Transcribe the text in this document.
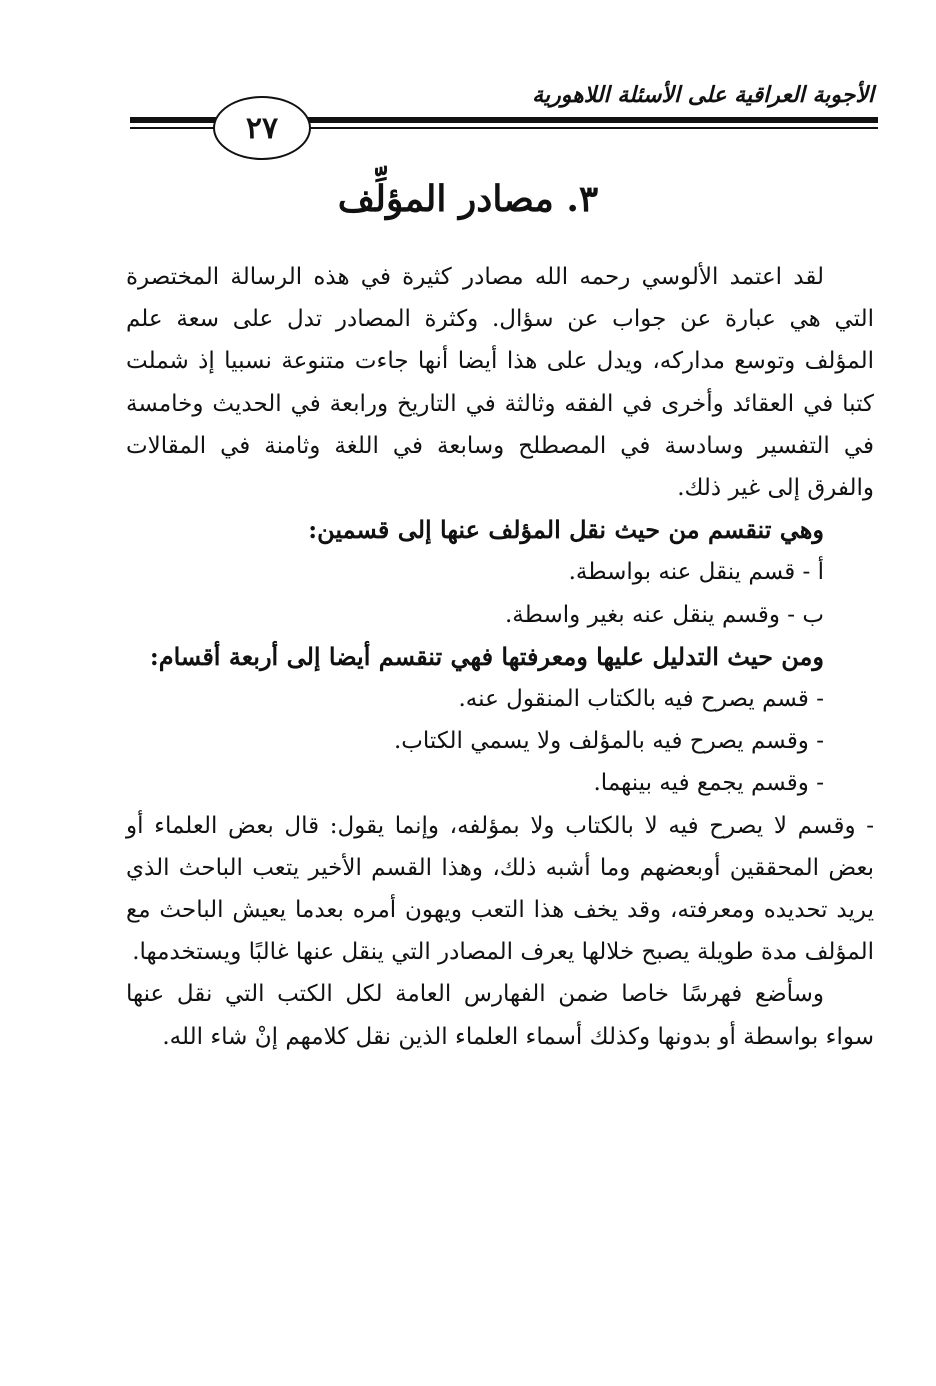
الأجوبة العراقية على الأسئلة اللاهورية
٢٧
٣. مصادر المؤلِّف

لقد اعتمد الألوسي رحمه الله مصادر كثيرة في هذه الرسالة المختصرة التي هي عبارة عن جواب عن سؤال. وكثرة المصادر تدل على سعة علم المؤلف وتوسع مداركه، ويدل على هذا أيضا أنها جاءت متنوعة نسبيا إذ شملت كتبا في العقائد وأخرى في الفقه وثالثة في التاريخ ورابعة في الحديث وخامسة في التفسير وسادسة في المصطلح وسابعة في اللغة وثامنة في المقالات والفرق إلى غير ذلك.

وهي تنقسم من حيث نقل المؤلف عنها إلى قسمين:

أ - قسم ينقل عنه بواسطة.

ب - وقسم ينقل عنه بغير واسطة.

ومن حيث التدليل عليها ومعرفتها فهي تنقسم أيضا إلى أربعة أقسام:

- قسم يصرح فيه بالكتاب المنقول عنه.

- وقسم يصرح فيه بالمؤلف ولا يسمي الكتاب.

- وقسم يجمع فيه بينهما.

- وقسم لا يصرح فيه لا بالكتاب ولا بمؤلفه، وإنما يقول: قال بعض العلماء أو بعض المحققين أوبعضهم وما أشبه ذلك، وهذا القسم الأخير يتعب الباحث الذي يريد تحديده ومعرفته، وقد يخف هذا التعب ويهون أمره بعدما يعيش الباحث مع المؤلف مدة طويلة يصبح خلالها يعرف المصادر التي ينقل عنها غالبًا ويستخدمها.

وسأضع فهرسًا خاصا ضمن الفهارس العامة لكل الكتب التي نقل عنها سواء بواسطة أو بدونها وكذلك أسماء العلماء الذين نقل كلامهم إنْ شاء الله.
